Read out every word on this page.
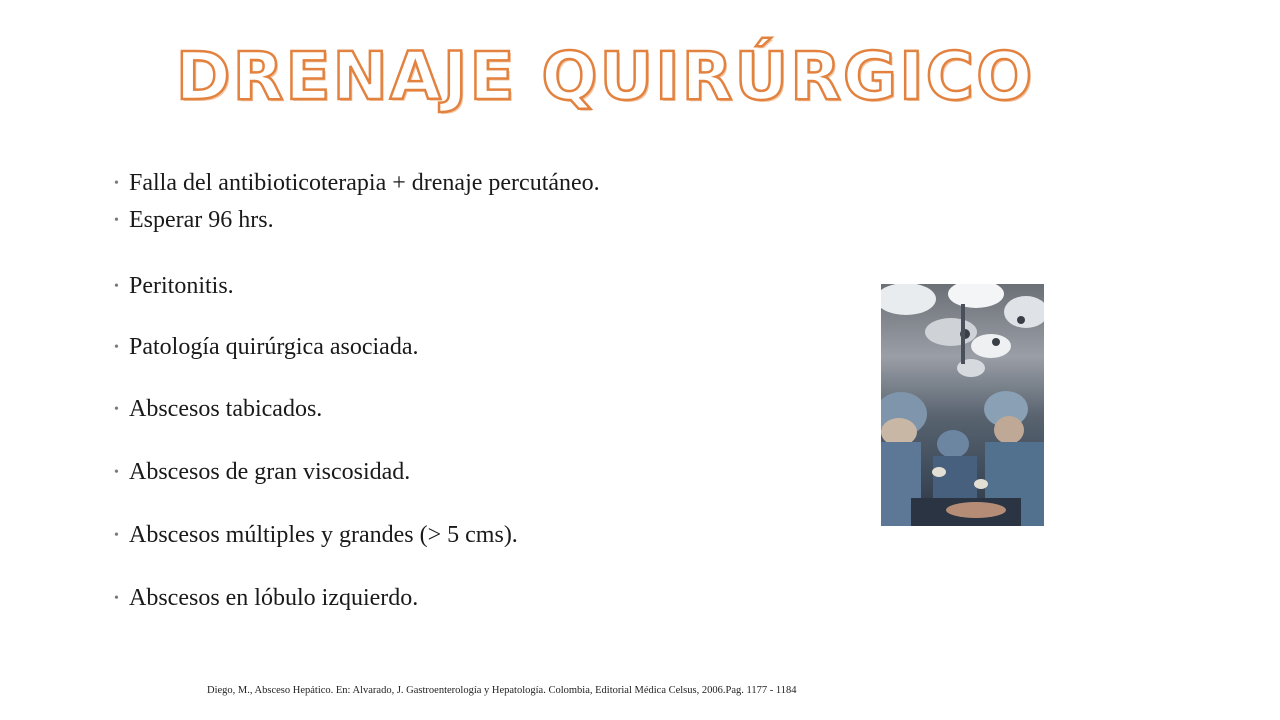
DRENAJE QUIRÚRGICO
• Falla del antibioticoterapia + drenaje percutáneo.
• Esperar 96 hrs.
• Peritonitis.
• Patología quirúrgica asociada.
• Abscesos tabicados.
• Abscesos de gran viscosidad.
• Abscesos múltiples y grandes (> 5 cms).
• Abscesos en lóbulo izquierdo.
Diego, M., Absceso Hepático. En: Alvarado, J. Gastroenterología y Hepatología. Colombia, Editorial Médica Celsus, 2006.Pag. 1177 - 1184
